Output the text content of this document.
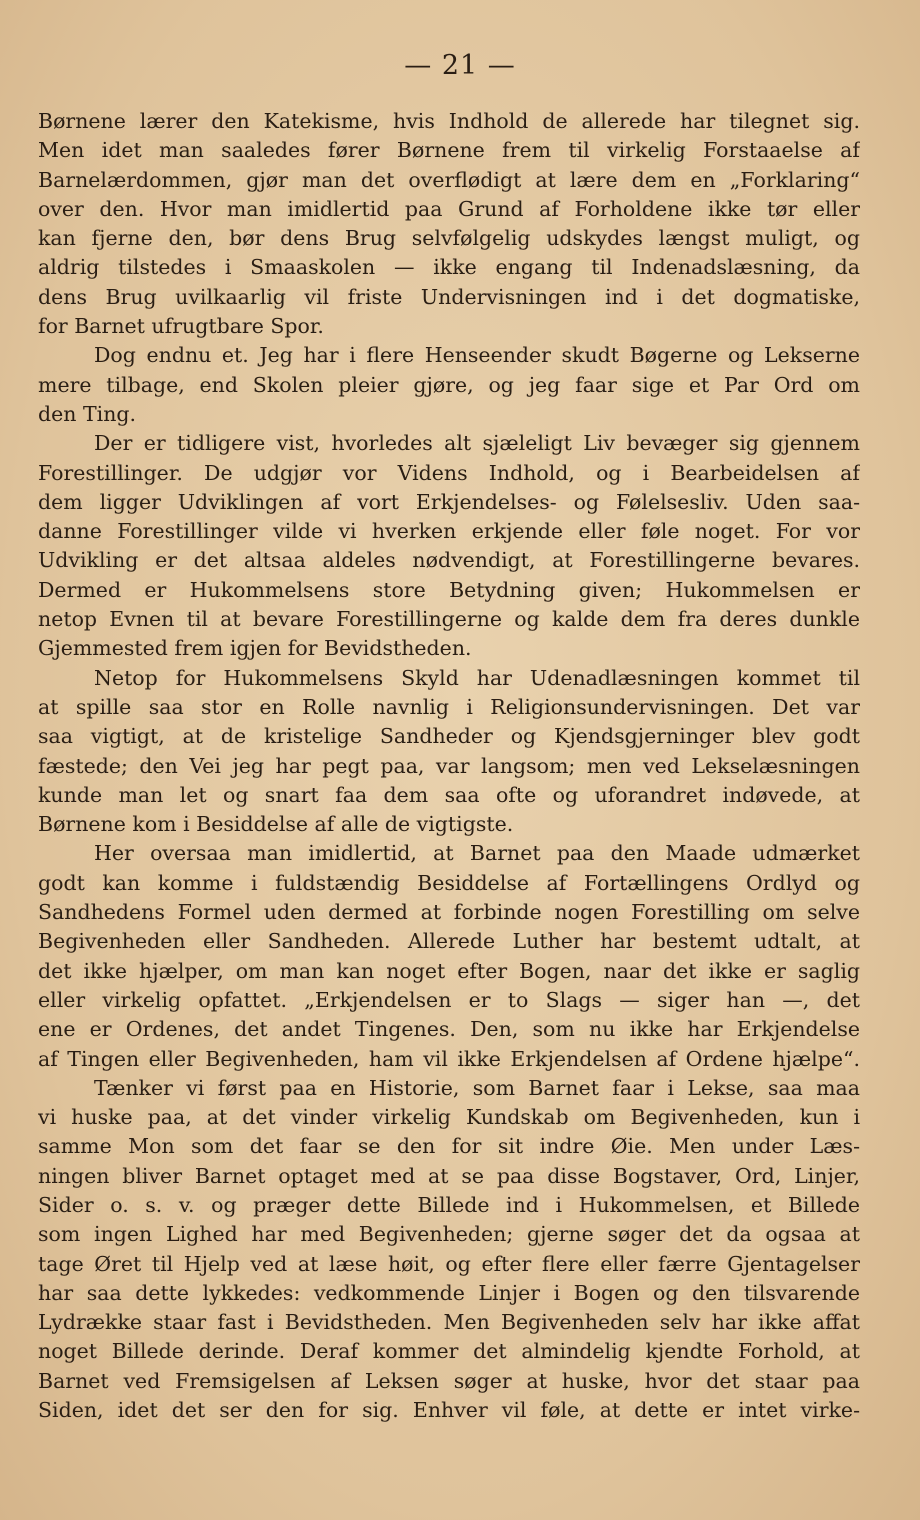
— 21 —
Børnene lærer den Katekisme, hvis Indhold de allerede har tilegnet sig.
Men idet man saaledes fører Børnene frem til virkelig Forstaaelse af
Barnelærdommen, gjør man det overflødigt at lære dem en „Forklaring“
over den. Hvor man imidlertid paa Grund af Forholdene ikke tør eller
kan fjerne den, bør dens Brug selvfølgelig udskydes længst muligt, og
aldrig tilstedes i Smaaskolen — ikke engang til Indenadslæsning, da
dens Brug uvilkaarlig vil friste Undervisningen ind i det dogmatiske,
for Barnet ufrugtbare Spor.
Dog endnu et. Jeg har i flere Henseender skudt Bøgerne og Lekserne
mere tilbage, end Skolen pleier gjøre, og jeg faar sige et Par Ord om
den Ting.
Der er tidligere vist, hvorledes alt sjæleligt Liv bevæger sig gjennem
Forestillinger. De udgjør vor Videns Indhold, og i Bearbeidelsen af
dem ligger Udviklingen af vort Erkjendelses- og Følelsesliv. Uden saa-
danne Forestillinger vilde vi hverken erkjende eller føle noget. For vor
Udvikling er det altsaa aldeles nødvendigt, at Forestillingerne bevares.
Dermed er Hukommelsens store Betydning given; Hukommelsen er
netop Evnen til at bevare Forestillingerne og kalde dem fra deres dunkle
Gjemmested frem igjen for Bevidstheden.
Netop for Hukommelsens Skyld har Udenadlæsningen kommet til
at spille saa stor en Rolle navnlig i Religionsundervisningen. Det var
saa vigtigt, at de kristelige Sandheder og Kjendsgjerninger blev godt
fæstede; den Vei jeg har pegt paa, var langsom; men ved Lekselæsningen
kunde man let og snart faa dem saa ofte og uforandret indøvede, at
Børnene kom i Besiddelse af alle de vigtigste.
Her oversaa man imidlertid, at Barnet paa den Maade udmærket
godt kan komme i fuldstændig Besiddelse af Fortællingens Ordlyd og
Sandhedens Formel uden dermed at forbinde nogen Forestilling om selve
Begivenheden eller Sandheden. Allerede Luther har bestemt udtalt, at
det ikke hjælper, om man kan noget efter Bogen, naar det ikke er saglig
eller virkelig opfattet. „Erkjendelsen er to Slags — siger han —, det
ene er Ordenes, det andet Tingenes. Den, som nu ikke har Erkjendelse
af Tingen eller Begivenheden, ham vil ikke Erkjendelsen af Ordene hjælpe“.
Tænker vi først paa en Historie, som Barnet faar i Lekse, saa maa
vi huske paa, at det vinder virkelig Kundskab om Begivenheden, kun i
samme Mon som det faar se den for sit indre Øie. Men under Læs-
ningen bliver Barnet optaget med at se paa disse Bogstaver, Ord, Linjer,
Sider o. s. v. og præger dette Billede ind i Hukommelsen, et Billede
som ingen Lighed har med Begivenheden; gjerne søger det da ogsaa at
tage Øret til Hjelp ved at læse høit, og efter flere eller færre Gjentagelser
har saa dette lykkedes: vedkommende Linjer i Bogen og den tilsvarende
Lydrække staar fast i Bevidstheden. Men Begivenheden selv har ikke affat
noget Billede derinde. Deraf kommer det almindelig kjendte Forhold, at
Barnet ved Fremsigelsen af Leksen søger at huske, hvor det staar paa
Siden, idet det ser den for sig. Enhver vil føle, at dette er intet virke-
